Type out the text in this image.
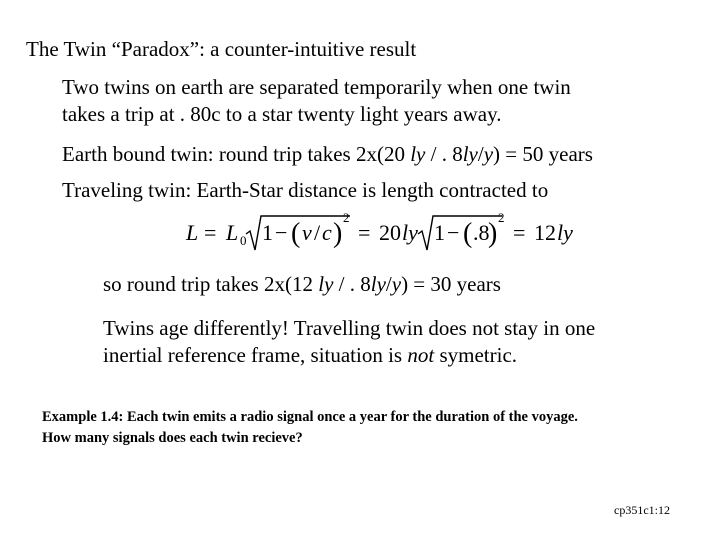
The Twin “Paradox”: a counter-intuitive result
Two twins on earth are separated temporarily when one twin
takes a trip at . 80c to a star twenty light years away.
Earth bound twin: round trip takes 2x(20 ly / . 8ly/y) = 50 years
Traveling twin: Earth-Star distance is length contracted to
L = L 0 1 − ( v / c )
2
= 20 ly 1 − ( .8
)
2
= 12 ly
so round trip takes 2x(12 ly / . 8ly/y) = 30 years
Twins age differently! Travelling twin does not stay in one
inertial reference frame, situation is not symetric.
Example 1.4: Each twin emits a radio signal once a year for the duration of the voyage.
How many signals does each twin recieve?
cp351c1:12
